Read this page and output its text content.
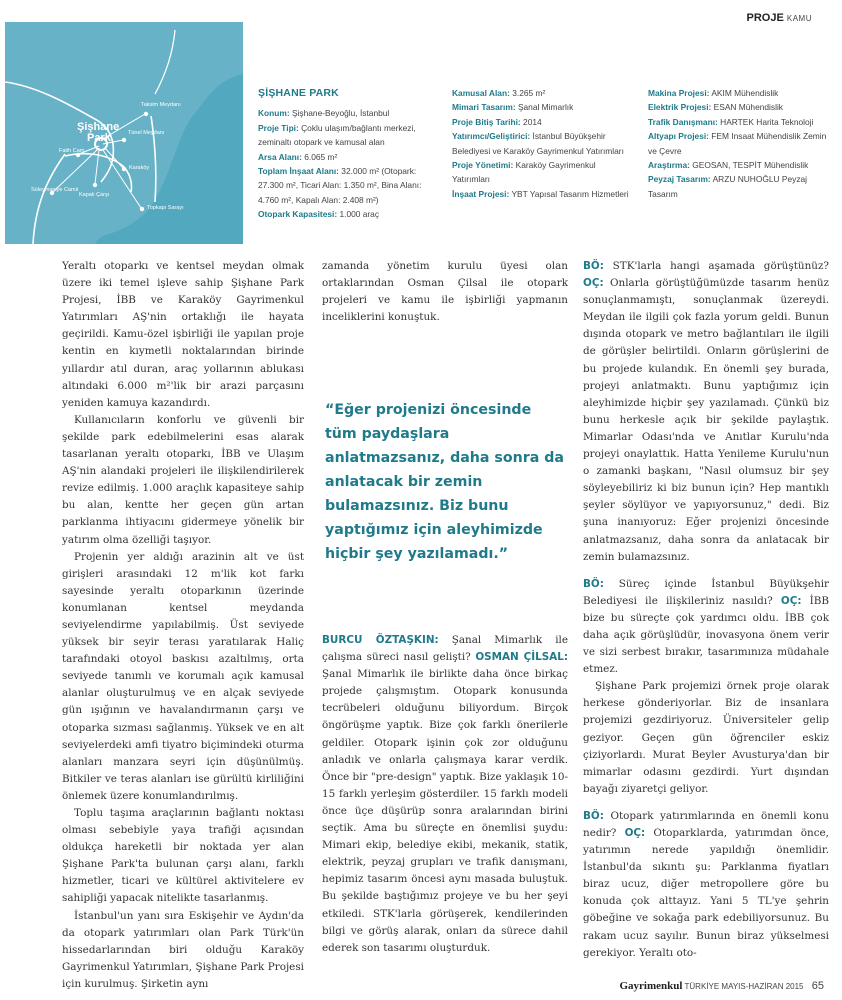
PROJE KAMU
Taksim Meydanı
Şişhane
Park	Tünel Meydanı
Fatih Cam
Karaköy
Süleymaniye Camii
Kapalı Çarşı
Topkapı Sarayı
ŞİŞHANE PARK

Konum: Şişhane-Beyoğlu, İstanbul

Proje Tipi: Çoklu ulaşım/bağlantı merkezi, zeminaltı otopark ve kamusal alan

Arsa Alanı: 6.065 m²

Toplam İnşaat Alanı: 32.000 m² (Otopark: 27.300 m², Ticari Alan: 1.350 m², Bina Alanı: 4.760 m², Kapalı Alan: 2.408 m²)

Otopark Kapasitesi: 1.000 araç

Kamusal Alan: 3.265 m²

Mimari Tasarım: Şanal Mimarlık

Proje Bitiş Tarihi: 2014

Yatırımcı/Geliştirici: İstanbul Büyükşehir Belediyesi ve Karaköy Gayrimenkul Yatırımları

Proje Yönetimi: Karaköy Gayrimenkul Yatırımları

İnşaat Projesi: YBT Yapısal Tasarım Hizmetleri

Makina Projesi: AKIM Mühendislik

Elektrik Projesi: ESAN Mühendislik

Trafik Danışmanı: HARTEK Harita Teknoloji

Altyapı Projesi: FEM Insaat Mühendislik Zemin ve Çevre

Araştırma: GEOSAN, TESPİT Mühendislik

Peyzaj Tasarım: ARZU NUHOĞLU Peyzaj Tasarım

Yeraltı otoparkı ve kentsel meydan olmak üzere iki temel işleve sahip Şişhane Park Projesi, İBB ve Karaköy Gayrimenkul Yatırımları AŞ'nin ortaklığı ile hayata geçirildi. Kamu-özel işbirliği ile yapılan proje kentin en kıymetli noktalarından birinde yıllardır atıl duran, araç yollarının ablukası altındaki 6.000 m²'lik bir arazi parçasını yeniden kamuya kazandırdı.

Kullanıcıların konforlu ve güvenli bir şekilde park edebilmelerini esas alarak tasarlanan yeraltı otoparkı, İBB ve Ulaşım AŞ'nin alandaki projeleri ile ilişkilendirilerek revize edilmiş. 1.000 araçlık kapasiteye sahip bu alan, kentte her geçen gün artan parklanma ihtiyacını gidermeye yönelik bir yatırım olma özelliği taşıyor.

Projenin yer aldığı arazinin alt ve üst girişleri arasındaki 12 m'lik kot farkı sayesinde yeraltı otoparkının üzerinde konumlanan kentsel meydanda seviyelendirme yapılabilmiş. Üst seviyede yüksek bir seyir terası yaratılarak Haliç tarafındaki otoyol baskısı azaltılmış, orta seviyede tanımlı ve korumalı açık kamusal alanlar oluşturulmuş ve en alçak seviyede gün ışığının ve havalandırmanın çarşı ve otoparka sızması sağlanmış. Yüksek ve en alt seviyelerdeki amfi tiyatro biçimindeki oturma alanları manzara seyri için düşünülmüş. Bitkiler ve teras alanları ise gürültü kirliliğini önlemek üzere konumlandırılmış.

Toplu taşıma araçlarının bağlantı noktası olması sebebiyle yaya trafiği açısından oldukça hareketli bir noktada yer alan Şişhane Park'ta bulunan çarşı alanı, farklı hizmetler, ticari ve kültürel aktivitelere ev sahipliği yapacak nitelikte tasarlanmış.

İstanbul'un yanı sıra Eskişehir ve Aydın'da da otopark yatırımları olan Park Türk'ün hissedarlarından biri olduğu Karaköy Gayrimenkul Yatırımları, Şişhane Park Projesi için kurulmuş. Şirketin aynı

zamanda yönetim kurulu üyesi olan ortaklarından Osman Çilsal ile otopark projeleri ve kamu ile işbirliği yapmanın inceliklerini konuştuk.

“Eğer projenizi öncesinde tüm paydaşlara anlatmazsanız, daha sonra da anlatacak bir zemin bulamazsınız. Biz bunu yaptığımız için aleyhimizde hiçbir şey yazılamadı.”

BURCU ÖZTAŞKIN: Şanal Mimarlık ile çalışma süreci nasıl gelişti? OSMAN ÇİLSAL: Şanal Mimarlık ile birlikte daha önce birkaç projede çalışmıştım. Otopark konusunda tecrübeleri olduğunu biliyordum. Birçok öngörüşme yaptık. Bize çok farklı önerilerle geldiler. Otopark işinin çok zor olduğunu anladık ve onlarla çalışmaya karar verdik. Önce bir "pre-design" yaptık. Bize yaklaşık 10-15 farklı yerleşim gösterdiler. 15 farklı modeli önce üçe düşürüp sonra aralarından birini seçtik. Ama bu süreçte en önemlisi şuydu: Mimari ekip, belediye ekibi, mekanik, statik, elektrik, peyzaj grupları ve trafik danışmanı, hepimiz tasarım öncesi aynı masada buluştuk. Bu şekilde baştığımız projeye ve bu her şeyi etkiledi. STK'larla görüşerek, kendilerinden bilgi ve görüş alarak, onları da sürece dahil ederek son tasarımı oluşturduk.

BÖ: STK'larla hangi aşamada görüştünüz? OÇ: Onlarla görüştüğümüzde tasarım henüz sonuçlanmamıştı, sonuçlanmak üzereydi. Meydan ile ilgili çok fazla yorum geldi. Bunun dışında otopark ve metro bağlantıları ile ilgili de görüşler belirtildi. Onların görüşlerini de bu projede kulandık. En önemli şey burada, projeyi anlatmaktı. Bunu yaptığımız için aleyhimizde hiçbir şey yazılamadı. Çünkü biz bunu herkesle açık bir şekilde paylaştık. Mimarlar Odası'nda ve Anıtlar Kurulu'nda projeyi onaylattık. Hatta Yenileme Kurulu'nun o zamanki başkanı, "Nasıl olumsuz bir şey söyleyebiliriz ki biz bunun için? Hep mantıklı şeyler söylüyor ve yapıyorsunuz," dedi. Biz şuna inanıyoruz: Eğer projenizi öncesinde anlatmazsanız, daha sonra da anlatacak bir zemin bulamazsınız.

BÖ: Süreç içinde İstanbul Büyükşehir Belediyesi ile ilişkileriniz nasıldı? OÇ: İBB bize bu süreçte çok yardımcı oldu. İBB çok daha açık görüşlüdür, inovasyona önem verir ve sizi serbest bırakır, tasarımınıza müdahale etmez.

Şişhane Park projemizi örnek proje olarak herkese gönderiyorlar. Biz de insanlara projemizi gezdiriyoruz. Üniversiteler gelip geziyor. Geçen gün öğrenciler eskiz çiziyorlardı. Murat Beyler Avusturya'dan bir mimarlar odasını gezdirdi. Yurt dışından bayağı ziyaretçi geliyor.

BÖ: Otopark yatırımlarında en önemli konu nedir? OÇ: Otoparklarda, yatırımdan önce, yatırımın nerede yapıldığı önemlidir. İstanbul'da sıkıntı şu: Parklanma fiyatları biraz ucuz, diğer metropollere göre bu konuda çok alttayız. Yani 5 TL'ye şehrin göbeğine ve sokağa park edebiliyorsunuz. Bu rakam ucuz sayılır. Bunun biraz yükselmesi gerekiyor. Yeraltı oto-

Gayrimenkul TÜRKİYE MAYIS-HAZİRAN 2015 65
